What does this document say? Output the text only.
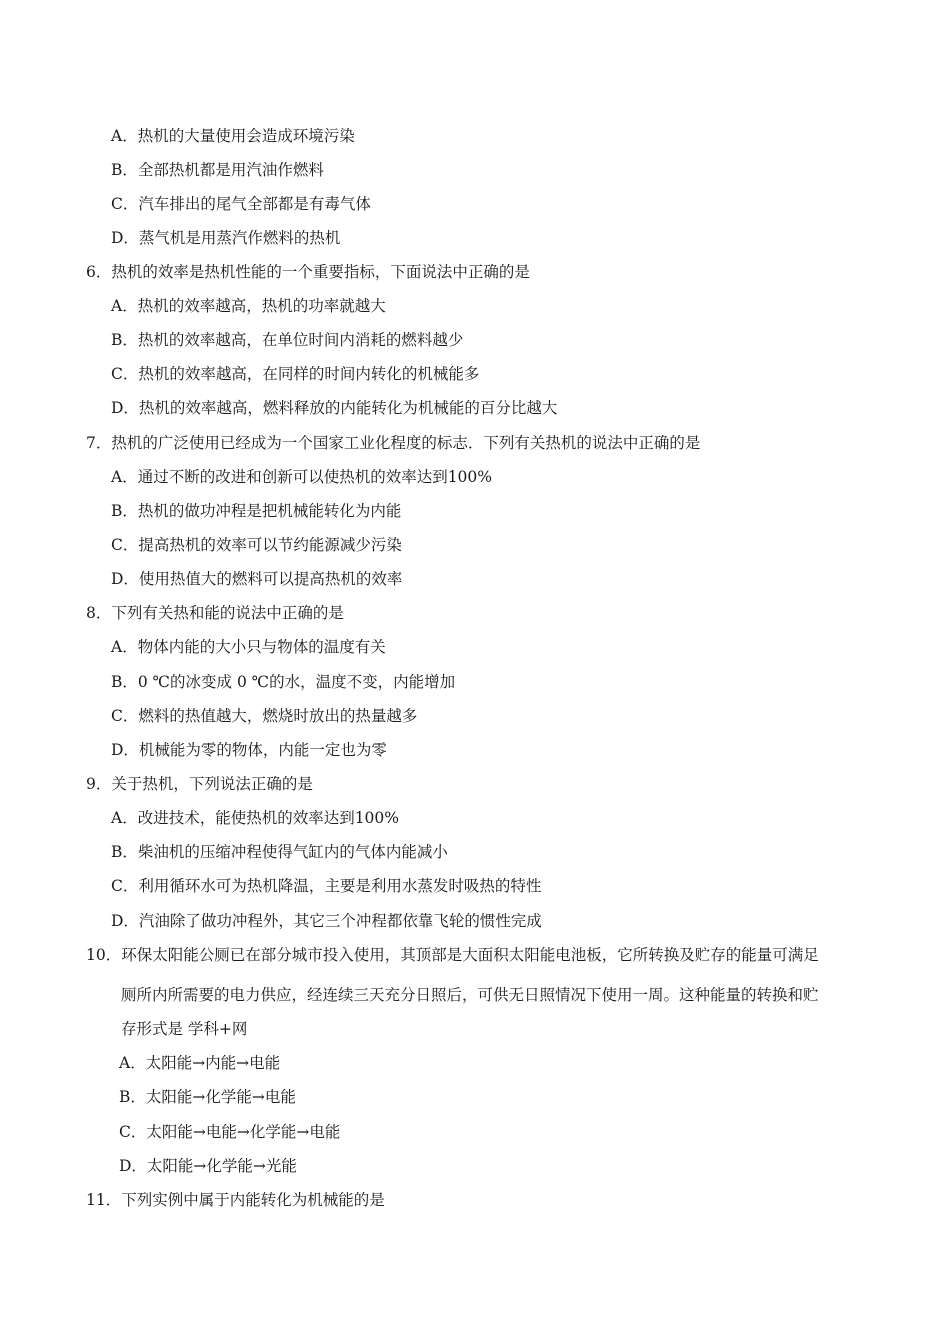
A．热机的大量使用会造成环境污染
B．全部热机都是用汽油作燃料
C．汽车排出的尾气全部都是有毒气体
D．蒸气机是用蒸汽作燃料的热机
6．热机的效率是热机性能的一个重要指标，下面说法中正确的是
A．热机的效率越高，热机的功率就越大
B．热机的效率越高，在单位时间内消耗的燃料越少
C．热机的效率越高，在同样的时间内转化的机械能多
D．热机的效率越高，燃料释放的内能转化为机械能的百分比越大
7．热机的广泛使用已经成为一个国家工业化程度的标志．下列有关热机的说法中正确的是
A．通过不断的改进和创新可以使热机的效率达到100%
B．热机的做功冲程是把机械能转化为内能
C．提高热机的效率可以节约能源减少污染
D．使用热值大的燃料可以提高热机的效率
8．下列有关热和能的说法中正确的是
A．物体内能的大小只与物体的温度有关
B．0 ℃的冰变成 0 ℃的水，温度不变，内能增加
C．燃料的热值越大，燃烧时放出的热量越多
D．机械能为零的物体，内能一定也为零
9．关于热机，下列说法正确的是
A．改进技术，能使热机的效率达到100%
B．柴油机的压缩冲程使得气缸内的气体内能减小
C．利用循环水可为热机降温，主要是利用水蒸发时吸热的特性
D．汽油除了做功冲程外，其它三个冲程都依靠飞轮的惯性完成
10．环保太阳能公厕已在部分城市投入使用，其顶部是大面积太阳能电池板，它所转换及贮存的能量可满足
厕所内所需要的电力供应，经连续三天充分日照后，可供无日照情况下使用一周。这种能量的转换和贮
存形式是 学科+网
A．太阳能→内能→电能
B．太阳能→化学能→电能
C．太阳能→电能→化学能→电能
D．太阳能→化学能→光能
11．下列实例中属于内能转化为机械能的是
